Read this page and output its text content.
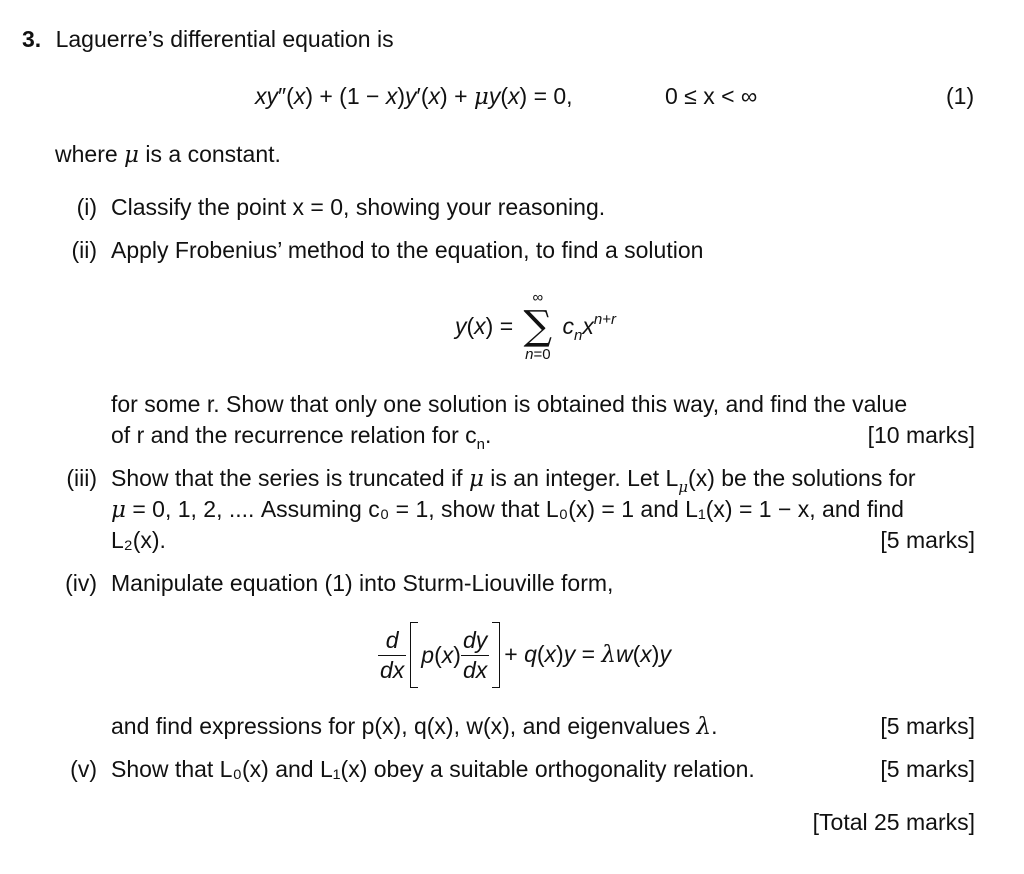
3. Laguerre’s differential equation is
xy″(x) + (1 − x)y′(x) + μy(x) = 0,	0 ≤ x < ∞	(1)
where μ is a constant.
(i) Classify the point x = 0, showing your reasoning.
(ii) Apply Frobenius’ method to the equation, to find a solution
y(x) =
∞
∑
n=0
$c_nx^{n+r}$
for some r. Show that only one solution is obtained this way, and find the value
of r and the recurrence relation for $c_n$.	[10 marks]
(iii) Show that the series is truncated if μ is an integer. Let $L_\mu(x)$ be the solutions for
μ = 0, 1, 2, .... Assuming c₀ = 1, show that L₀(x) = 1 and L₁(x) = 1 − x, and find
L₂(x).	[5 marks]
(iv) Manipulate equation (1) into Sturm-Liouville form,
$\frac{d}{dx} p(x) \frac{dy}{dx} + q(x)y = \lambda w(x)y$
and find expressions for p(x), q(x), w(x), and eigenvalues λ.	[5 marks]
(v) Show that L₀(x) and L₁(x) obey a suitable orthogonality relation.	[5 marks]
[Total 25 marks]
